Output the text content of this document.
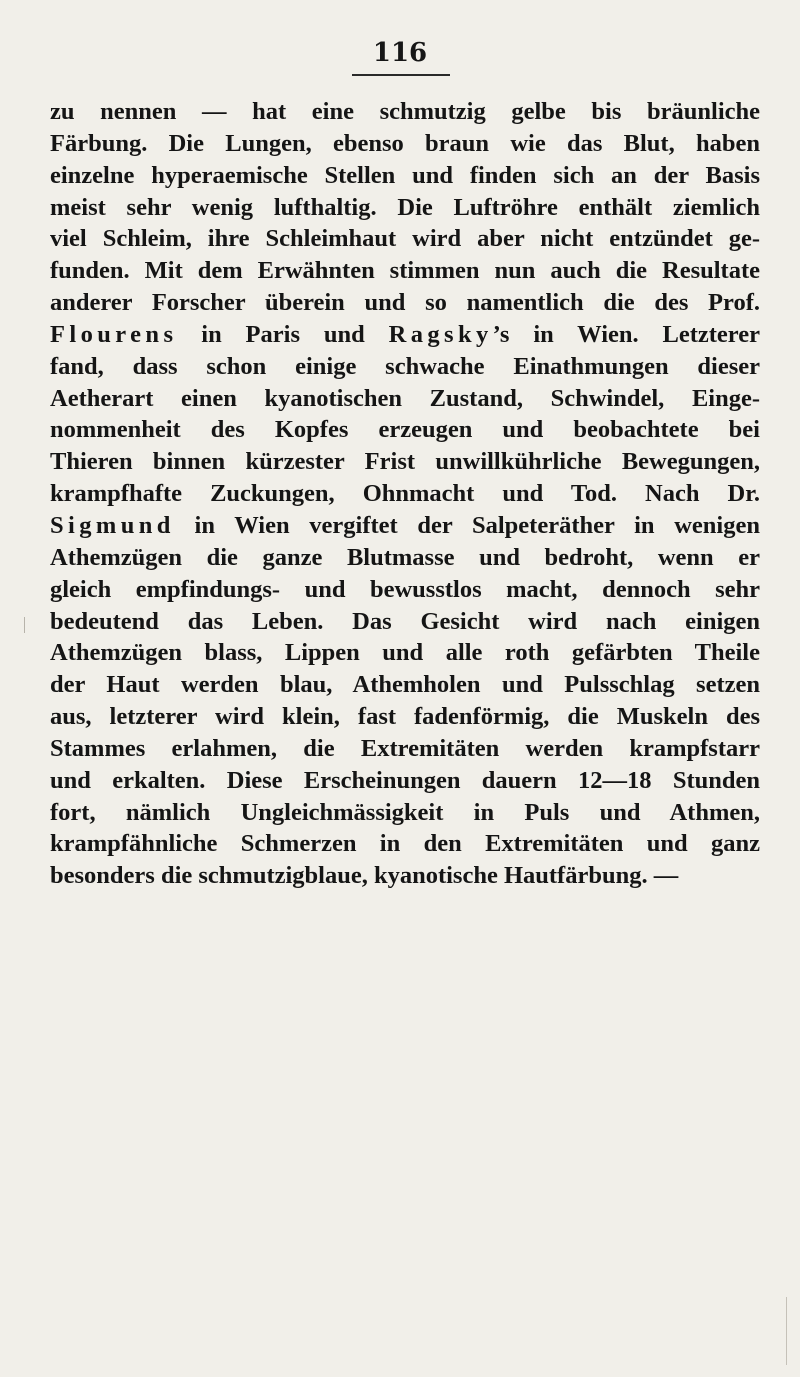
116
zu nennen — hat eine schmutzig gelbe bis bräunliche
Färbung. Die Lungen, ebenso braun wie das Blut, haben
einzelne hyperaemische Stellen und finden sich an der Basis
meist sehr wenig lufthaltig. Die Luftröhre enthält ziemlich
viel Schleim, ihre Schleimhaut wird aber nicht entzündet ge-
funden. Mit dem Erwähnten stimmen nun auch die Resultate
anderer Forscher überein und so namentlich die des Prof.
Flourens in Paris und Ragsky’s in Wien. Letzterer
fand, dass schon einige schwache Einathmungen dieser
Aetherart einen kyanotischen Zustand, Schwindel, Einge-
nommenheit des Kopfes erzeugen und beobachtete bei
Thieren binnen kürzester Frist unwillkührliche Bewegungen,
krampfhafte Zuckungen, Ohnmacht und Tod. Nach Dr.
Sigmund in Wien vergiftet der Salpeteräther in wenigen
Athemzügen die ganze Blutmasse und bedroht, wenn er
gleich empfindungs- und bewusstlos macht, dennoch sehr
bedeutend das Leben. Das Gesicht wird nach einigen
Athemzügen blass, Lippen und alle roth gefärbten Theile
der Haut werden blau, Athemholen und Pulsschlag setzen
aus, letzterer wird klein, fast fadenförmig, die Muskeln des
Stammes erlahmen, die Extremitäten werden krampfstarr
und erkalten. Diese Erscheinungen dauern 12—18 Stunden
fort, nämlich Ungleichmässigkeit in Puls und Athmen,
krampfähnliche Schmerzen in den Extremitäten und ganz
besonders die schmutzigblaue, kyanotische Hautfärbung. —
